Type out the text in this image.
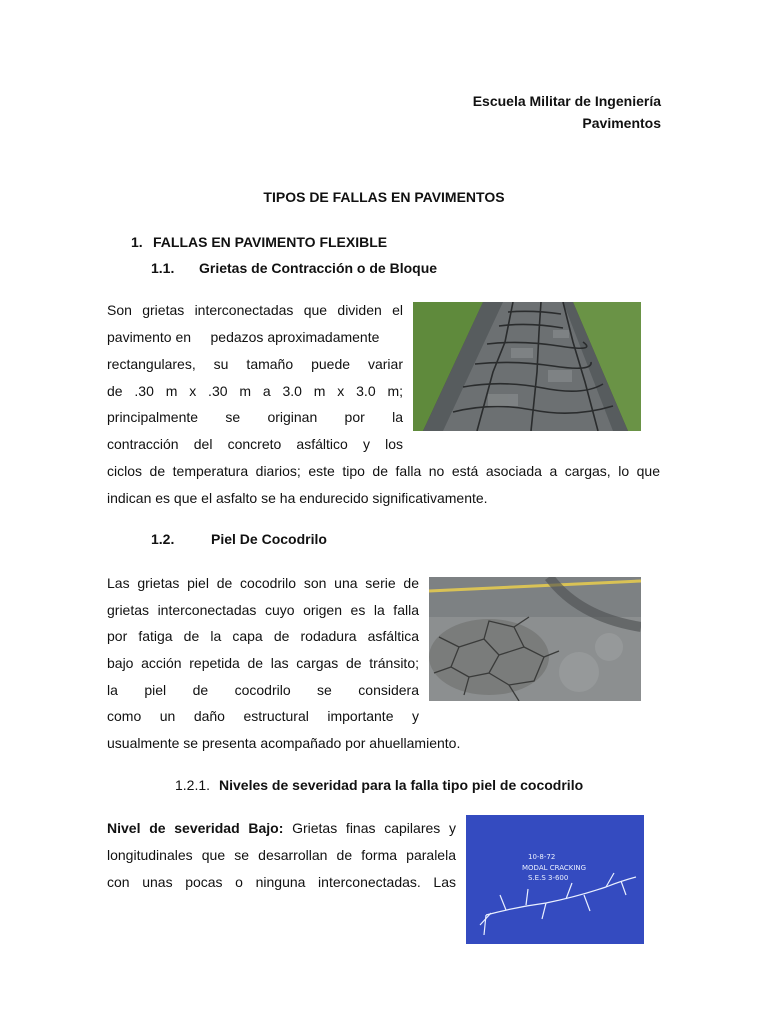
Escuela Militar de Ingeniería
Pavimentos
TIPOS DE FALLAS EN PAVIMENTOS
1. FALLAS EN PAVIMENTO FLEXIBLE
1.1. Grietas de Contracción o de Bloque
Son grietas interconectadas que dividen el
pavimento en     pedazos aproximadamente
rectangulares, su tamaño puede variar
de .30 m x .30 m a 3.0 m x 3.0 m;
principalmente se originan por la
contracción del concreto asfáltico y los
ciclos de temperatura diarios; este tipo de falla no está asociada a cargas, lo que
indican es que el asfalto se ha endurecido significativamente.
1.2.	Piel De Cocodrilo
Las grietas piel de cocodrilo son una serie de
grietas interconectadas cuyo origen es la falla
por fatiga de la capa de rodadura asfáltica
bajo acción repetida de las cargas de tránsito;
la piel de cocodrilo se considera
como un daño estructural importante y
usualmente se presenta acompañado por ahuellamiento.
1.2.1. Niveles de severidad para la falla tipo piel de cocodrilo
Nivel de severidad Bajo: Grietas finas capilares y
longitudinales que se desarrollan de forma paralela
con unas pocas o ninguna interconectadas. Las
10-8-72
MODAL CRACKING
S.E.S 3-600
